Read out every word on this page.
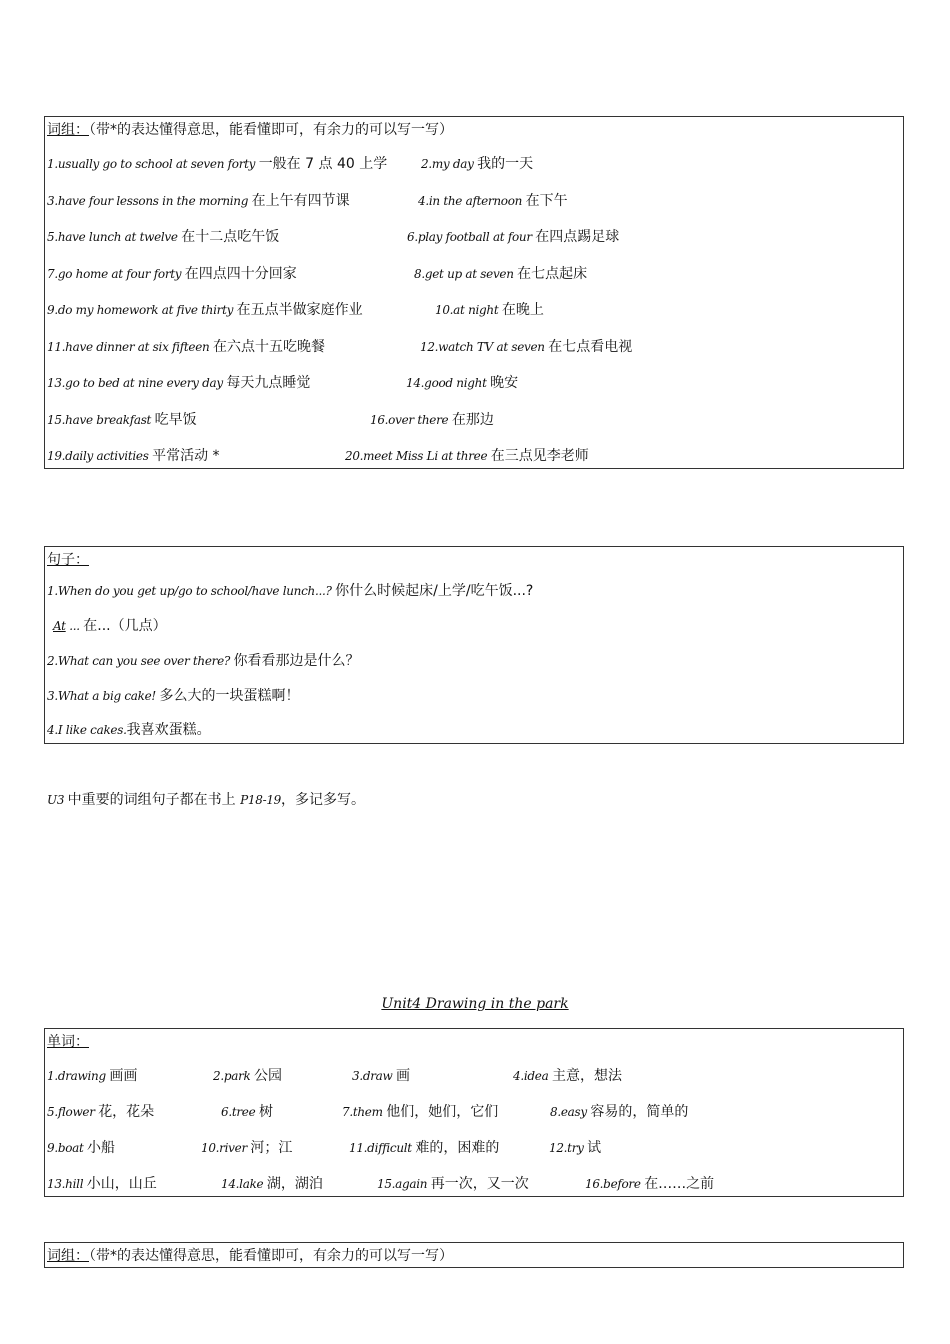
词组：（带*的表达懂得意思，能看懂即可，有余力的可以写一写）
1.usually go to school at seven forty 一般在 7 点 40 上学	2.my day 我的一天
3.have four lessons in the morning 在上午有四节课	4.in the afternoon 在下午
5.have lunch at twelve 在十二点吃午饭	6.play football at four 在四点踢足球
7.go home at four forty 在四点四十分回家	8.get up at seven 在七点起床
9.do my homework at five thirty 在五点半做家庭作业	10.at night 在晚上
11.have dinner at six fifteen 在六点十五吃晚餐	12.watch TV at seven 在七点看电视
13.go to bed at nine every day 每天九点睡觉	14.good night 晚安
15.have breakfast 吃早饭	16.over there 在那边
19.daily activities 平常活动 *	20.meet Miss Li at three 在三点见李老师
句子：
1.When do you get up/go to school/have lunch...? 你什么时候起床/上学/吃午饭...?
At ... 在...（几点）
2.What can you see over there? 你看看那边是什么？
3.What a big cake! 多么大的一块蛋糕啊！
4.I like cakes.我喜欢蛋糕。
U3 中重要的词组句子都在书上 P18-19，多记多写。
Unit4 Drawing in the park
单词：
1.drawing 画画	2.park 公园	3.draw 画	4.idea 主意，想法
5.flower 花，花朵	6.tree 树	7.them 他们，她们，它们	8.easy 容易的，简单的
9.boat 小船	10.river 河；江	11.difficult 难的，困难的	12.try 试
13.hill 小山，山丘	14.lake 湖，湖泊	15.again 再一次，又一次	16.before 在……之前
词组：（带*的表达懂得意思，能看懂即可，有余力的可以写一写）
